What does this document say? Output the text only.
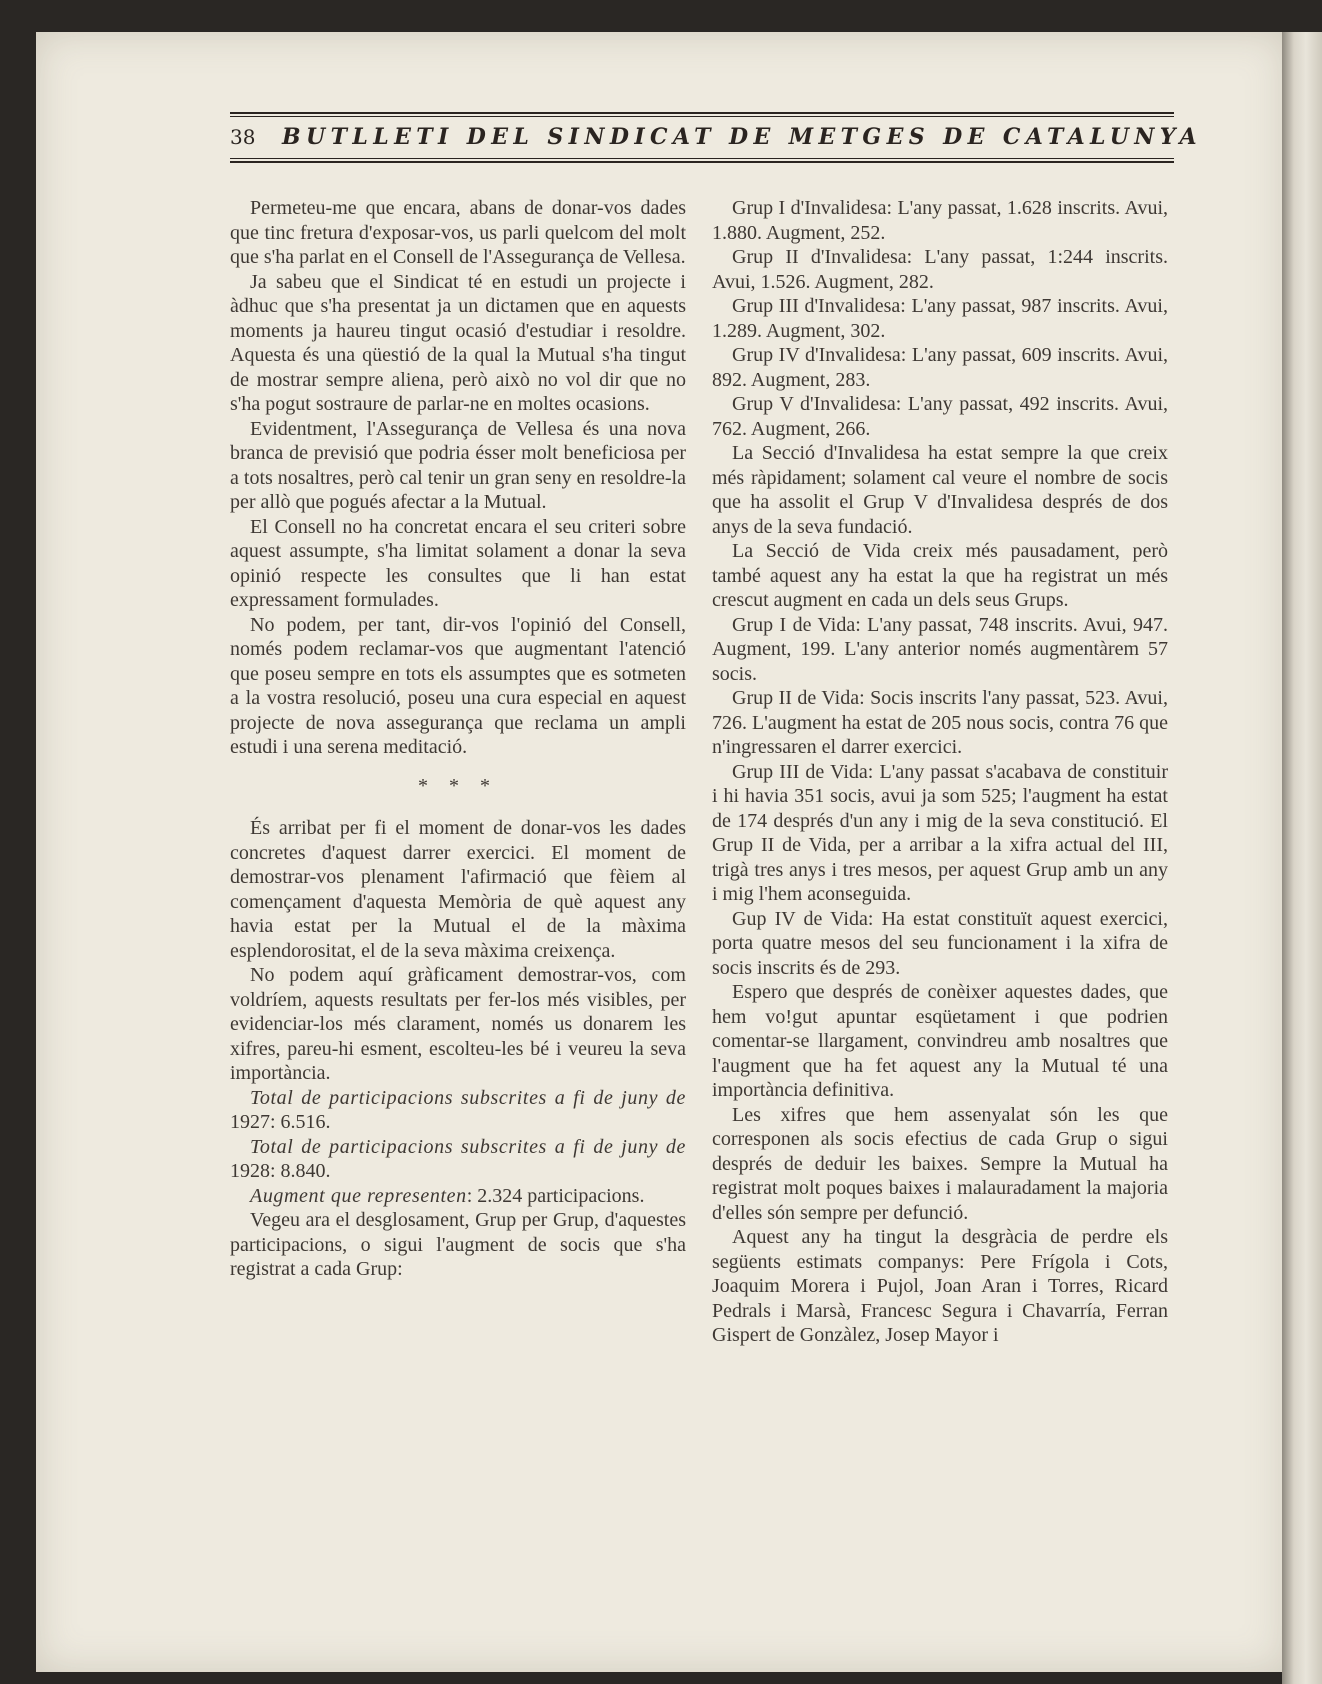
38 BUTLLETI DEL SINDICAT DE METGES DE CATALUNYA

Permeteu-me que encara, abans de donar-vos dades que tinc fretura d'exposar-vos, us parli quelcom del molt que s'ha parlat en el Consell de l'Assegurança de Vellesa.

Ja sabeu que el Sindicat té en estudi un projecte i àdhuc que s'ha presentat ja un dictamen que en aquests moments ja haureu tingut ocasió d'estudiar i resoldre. Aquesta és una qüestió de la qual la Mutual s'ha tingut de mostrar sempre aliena, però això no vol dir que no s'ha pogut sostraure de parlar-ne en moltes ocasions.

Evidentment, l'Assegurança de Vellesa és una nova branca de previsió que podria ésser molt beneficiosa per a tots nosaltres, però cal tenir un gran seny en resoldre-la per allò que pogués afectar a la Mutual.

El Consell no ha concretat encara el seu criteri sobre aquest assumpte, s'ha limitat solament a donar la seva opinió respecte les consultes que li han estat expressament formulades.

No podem, per tant, dir-vos l'opinió del Consell, només podem reclamar-vos que augmentant l'atenció que poseu sempre en tots els assumptes que es sotmeten a la vostra resolució, poseu una cura especial en aquest projecte de nova assegurança que reclama un ampli estudi i una serena meditació.

* * *

És arribat per fi el moment de donar-vos les dades concretes d'aquest darrer exercici. El moment de demostrar-vos plenament l'afirmació que fèiem al començament d'aquesta Memòria de què aquest any havia estat per la Mutual el de la màxima esplendorositat, el de la seva màxima creixença.

No podem aquí gràficament demostrar-vos, com voldríem, aquests resultats per fer-los més visibles, per evidenciar-los més clarament, només us donarem les xifres, pareu-hi esment, escolteu-les bé i veureu la seva importància.

Total de participacions subscrites a fi de juny de 1927: 6.516.

Total de participacions subscrites a fi de juny de 1928: 8.840.

Augment que representen: 2.324 participacions.

Vegeu ara el desglosament, Grup per Grup, d'aquestes participacions, o sigui l'augment de socis que s'ha registrat a cada Grup:

Grup I d'Invalidesa: L'any passat, 1.628 inscrits. Avui, 1.880. Augment, 252.

Grup II d'Invalidesa: L'any passat, 1:244 inscrits. Avui, 1.526. Augment, 282.

Grup III d'Invalidesa: L'any passat, 987 inscrits. Avui, 1.289. Augment, 302.

Grup IV d'Invalidesa: L'any passat, 609 inscrits. Avui, 892. Augment, 283.

Grup V d'Invalidesa: L'any passat, 492 inscrits. Avui, 762. Augment, 266.

La Secció d'Invalidesa ha estat sempre la que creix més ràpidament; solament cal veure el nombre de socis que ha assolit el Grup V d'Invalidesa després de dos anys de la seva fundació.

La Secció de Vida creix més pausadament, però també aquest any ha estat la que ha registrat un més crescut augment en cada un dels seus Grups.

Grup I de Vida: L'any passat, 748 inscrits. Avui, 947. Augment, 199. L'any anterior només augmentàrem 57 socis.

Grup II de Vida: Socis inscrits l'any passat, 523. Avui, 726. L'augment ha estat de 205 nous socis, contra 76 que n'ingressaren el darrer exercici.

Grup III de Vida: L'any passat s'acabava de constituir i hi havia 351 socis, avui ja som 525; l'augment ha estat de 174 després d'un any i mig de la seva constitució. El Grup II de Vida, per a arribar a la xifra actual del III, trigà tres anys i tres mesos, per aquest Grup amb un any i mig l'hem aconseguida.

Gup IV de Vida: Ha estat constituït aquest exercici, porta quatre mesos del seu funcionament i la xifra de socis inscrits és de 293.

Espero que després de conèixer aquestes dades, que hem vo!gut apuntar esqüetament i que podrien comentar-se llargament, convindreu amb nosaltres que l'augment que ha fet aquest any la Mutual té una importància definitiva.

Les xifres que hem assenyalat són les que corresponen als socis efectius de cada Grup o sigui després de deduir les baixes. Sempre la Mutual ha registrat molt poques baixes i malauradament la majoria d'elles són sempre per defunció.

Aquest any ha tingut la desgràcia de perdre els següents estimats companys: Pere Frígola i Cots, Joaquim Morera i Pujol, Joan Aran i Torres, Ricard Pedrals i Marsà, Francesc Segura i Chavarría, Ferran Gispert de Gonzàlez, Josep Mayor i
